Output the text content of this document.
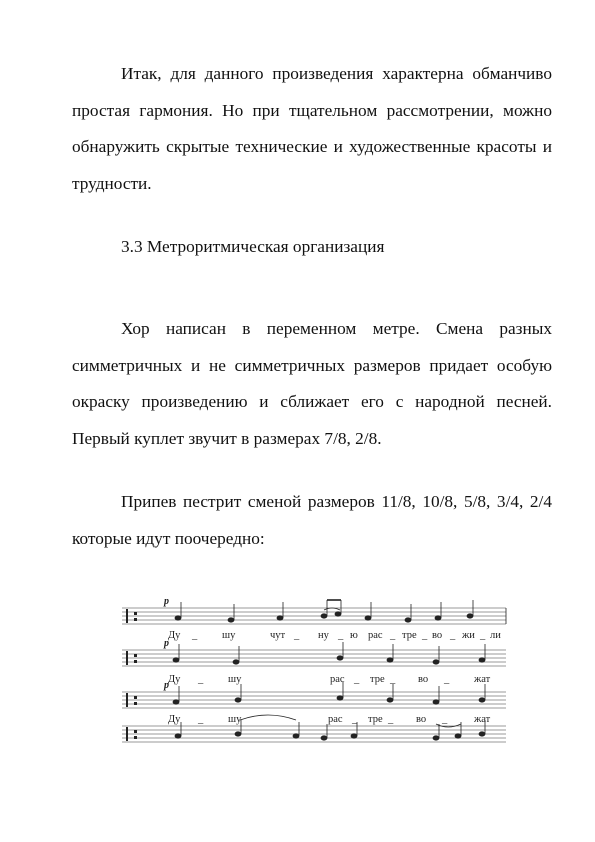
Итак, для данного произведения характерна обманчиво простая гармония. Но при тщательном рассмотрении, можно обнаружить скрытые технические и художественные красоты и трудности.

3.3 Метроритмическая организация

Хор написан в переменном метре. Смена разных симметричных и не симметричных размеров придает особую окраску произведению и сближает его с народной песней. Первый куплет звучит в размерах 7/8, 2/8.

Припев пестрит сменой размеров 11/8, 10/8, 5/8, 3/4, 2/4 которые идут поочередно:

p
p
p
Ду _ шу	чут _ ну _ ю рас _ тре _ во _ жи _ ли
Ду _ шу	рас _ тре _ во _ жат
Ду _ шу	рас _ тре _ во _	жат
